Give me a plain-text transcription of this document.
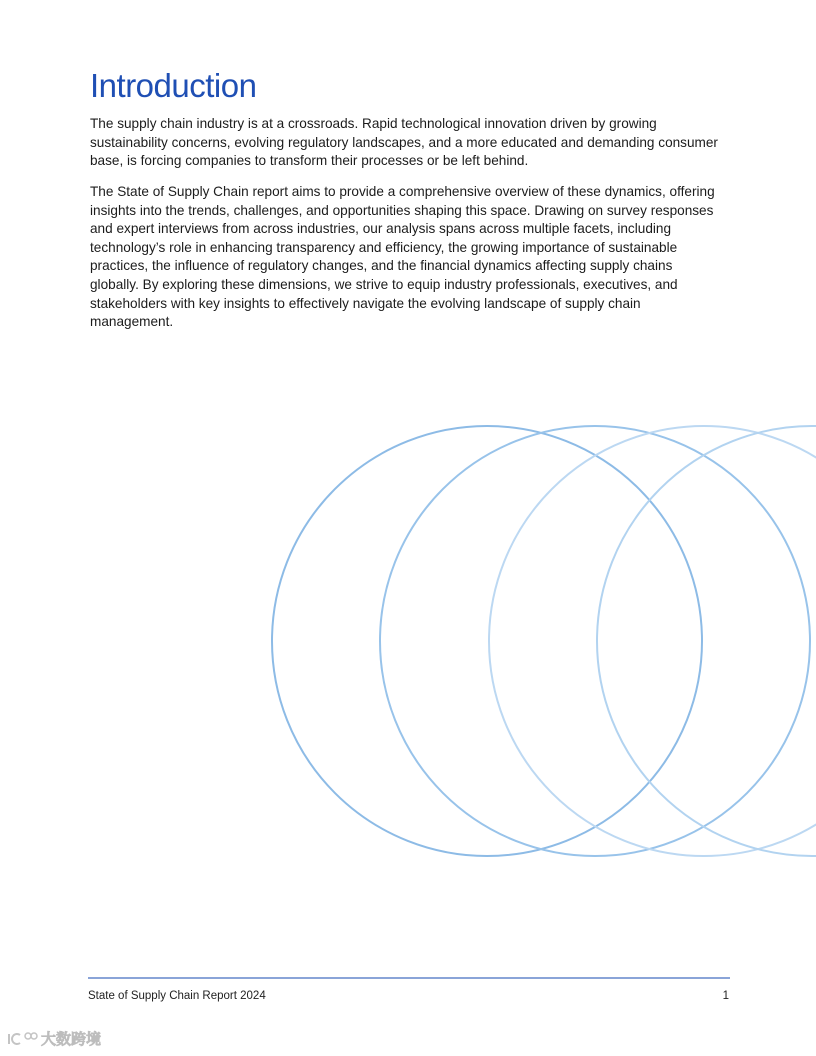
Introduction

The supply chain industry is at a crossroads. Rapid technological innovation driven by growing sustainability concerns, evolving regulatory landscapes, and a more educated and demanding consumer base, is forcing companies to transform their processes or be left behind.

The State of Supply Chain report aims to provide a comprehensive overview of these dynamics, offering insights into the trends, challenges, and opportunities shaping this space. Drawing on survey responses and expert interviews from across industries, our analysis spans across multiple facets, including technology’s role in enhancing transparency and efficiency, the growing importance of sustainable practices, the influence of regulatory changes, and the financial dynamics affecting supply chains globally. By exploring these dimensions, we strive to equip industry professionals, executives, and stakeholders with key insights to effectively navigate the evolving landscape of supply chain management.

State of Supply Chain Report 2024	1
大数跨境
